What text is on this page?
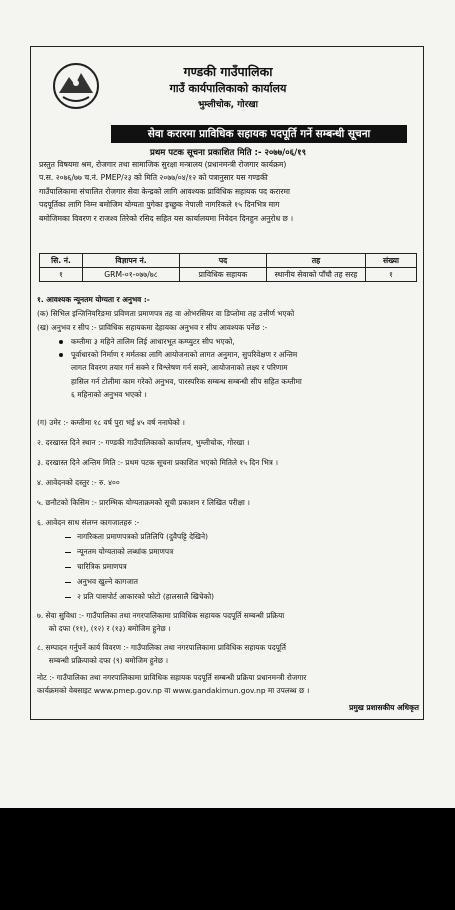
गण्डकी गाउँपालिका
गाउँ कार्यपालिकाको कार्यालय
भुम्लीचोक, गोरखा
सेवा करारमा प्राविधिक सहायक पदपूर्ति गर्ने सम्बन्धी सूचना
प्रथम पटक सूचना प्रकाशित मिति :- २०७७/०६/१९
प्रस्तुत विषयमा श्रम, रोजगार तथा सामाजिक सुरक्षा मन्त्रालय (प्रधानमन्त्री रोजगार कार्यक्रम)
प.स. २०७६/७७ च.नं. PMEP/२३ को मिति २०७७/०४/१२ को पत्रानुसार यस गण्डकी
गाउँपालिकामा संचालित रोजगार सेवा केन्द्रको लागि आवश्यक प्राविधिक सहायक पद करारमा
पदपूर्तिका लागि निम्न बमोजिम योग्यता पुगेका इच्छुक नेपाली नागरिकले १५ दिनभित्र माग
बमोजिमका विवरण र राजश्व तिरेको रसिद सहित यस कार्यालयमा निवेदन दिनहुन अनुरोध छ ।
सि. नं.	विज्ञापन नं.	पद	तह	संख्या
१	GRM-०१-०७७/७८	प्राविधिक सहायक	स्थानीय सेवाको पाँचौ तह सरह	१
१. आवश्यक न्यूनतम योग्यता र अनुभव :-
(क) सिभिल इन्जिनियरिङमा प्रविणता प्रमाणपत्र तह वा ओभरसियर वा डिप्लोमा तह उत्तीर्ण भएको
(ख) अनुभव र सीप :- प्राविधिक सहायकमा देहायका अनुभव र सीप आवश्यक पर्नेछ :-
कम्तीमा ३ महिने तालिम लिई आधारभूत कम्प्युटर सीप भएको,
पूर्वाधारको निर्माण र मर्मतका लागि आयोजनाको लागत अनुमान, सुपरिवेक्षण र अन्तिम
लागत विवरण तयार गर्न सक्ने र विश्लेषण गर्न सक्ने, आयोजनाको लक्ष्य र परिणाम
हासिल गर्न टोलीमा काम गरेको अनुभव, पारस्परिक सम्बन्ध सम्बन्धी सीप सहित कम्तीमा
६ महिनाको अनुभव भएको ।
(ग) उमेर :- कम्तीमा १८ वर्ष पुरा भई ४५ वर्ष ननाघेको ।
२. दरखास्त दिने स्थान :- गण्डकी गाउँपालिकाको कार्यालय, भुम्लीचोक, गोरखा ।
३. दरखास्त दिने अन्तिम मिति :- प्रथम पटक सूचना प्रकाशित भएको मितिले १५ दिन भित्र ।
४. आवेदनको दस्तुर :- रु. ४००
५. छनौटको किसिम :- प्रारम्भिक योग्यताक्रमको सूची प्रकाशन र लिखित परीक्षा ।
६. आवेदन साथ संलग्न कागजातहरु :-
नागरिकता प्रमाणपत्रको प्रतिलिपि (दुवैपट्टि देखिने)
न्यूनतम योग्यताको लब्धांक प्रमाणपत्र
चारित्रिक प्रमाणपत्र
अनुभव खुल्ने कागजात
२ प्रति पासपोर्ट आकारको फोटो (हालसालै खिचेको)
७. सेवा सुविधा :- गाउँपालिका तथा नगरपालिकामा प्राविधिक सहायक पदपूर्ति सम्बन्धी प्रक्रिया
को दफा (११), (१२) र (१३) बमोजिम हुनेछ ।
८. सम्पादन गर्नुपर्ने कार्य विवरण :- गाउँपालिका तथा नगरपालिकामा प्राविधिक सहायक पदपूर्ति
सम्बन्धी प्रक्रियाको दफा (९) बमोजिम हुनेछ ।
नोट :- गाउँपालिका तथा नगरपालिकामा प्राविधिक सहायक पदपूर्ति सम्बन्धी प्रक्रिया प्रधानमन्त्री रोजगार
कार्यक्रमको वेबसाइट www.pmep.gov.np वा www.gandakimun.gov.np मा उपलब्ध छ ।
प्रमुख प्रशासकीय अधिकृत
